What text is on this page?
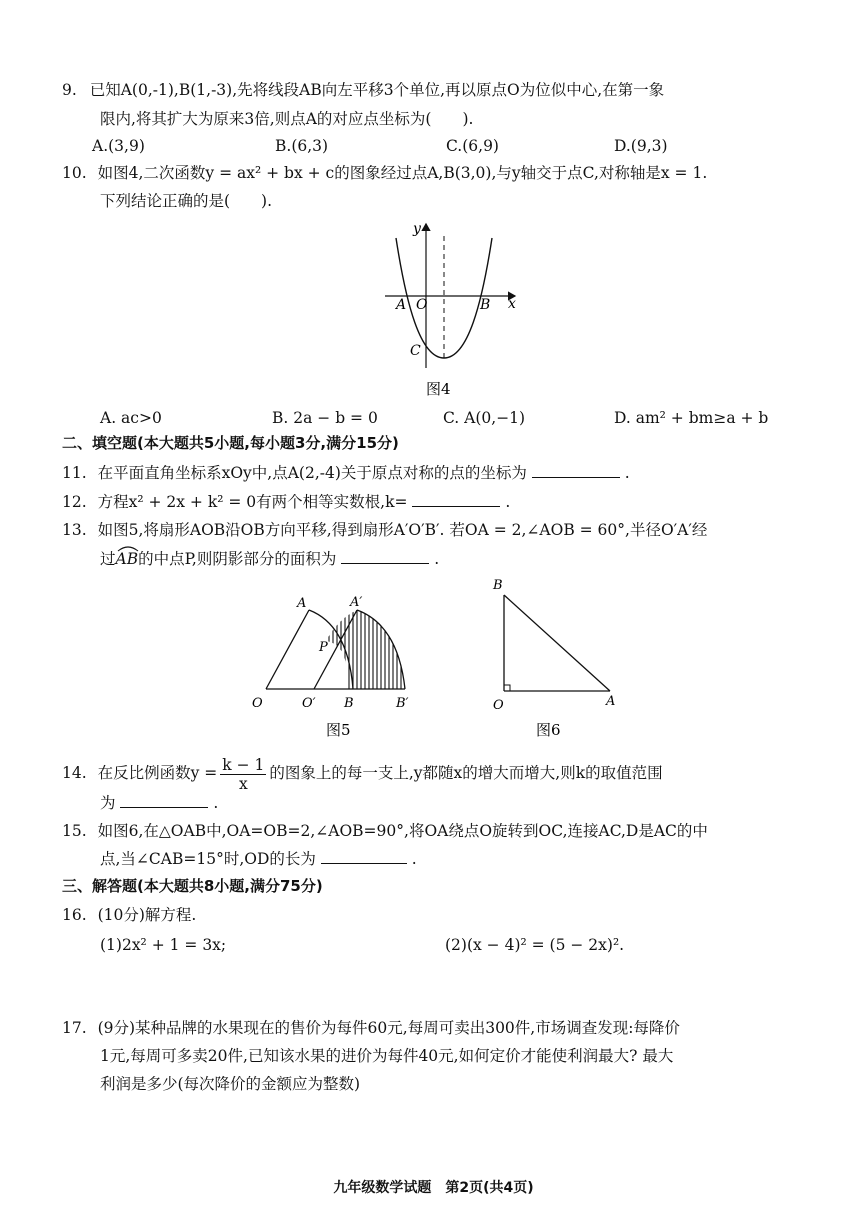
9. 已知A(0,-1),B(1,-3),先将线段AB向左平移3个单位,再以原点O为位似中心,在第一象
限内,将其扩大为原来3倍,则点A的对应点坐标为(　　).
A.(3,9)	B.(6,3)	C.(6,9)	D.(9,3)
10. 如图4,二次函数y = ax² + bx + c的图象经过点A,B(3,0),与y轴交于点C,对称轴是x = 1.
下列结论正确的是(　　).
y
x
A O	B
C
图4
A. ac>0	B. 2a − b = 0	C. A(0,−1)	D. am² + bm≥a + b
二、填空题(本大题共5小题,每小题3分,满分15分)
11. 在平面直角坐标系xOy中,点A(2,-4)关于原点对称的点的坐标为	.
12. 方程x² + 2x + k² = 0有两个相等实数根,k=	.
13. 如图5,将扇形AOB沿OB方向平移,得到扇形A′O′B′. 若OA = 2,∠AOB = 60°,半径O′A′经
过
AB的中点P,则阴影部分的面积为	.
A	A′
P
O	O′ B	B′
图5
B
O	A
图6
14. 在反比例函数$y = \frac{k - 1}{x}$ 的图象上的每一支上,y都随x的增大而增大,则k的取值范围
为	.
15. 如图6,在△OAB中,OA=OB=2,∠AOB=90°,将OA绕点O旋转到OC,连接AC,D是AC的中
点,当∠CAB=15°时,OD的长为	.
三、解答题(本大题共8小题,满分75分)
16. (10分)解方程.
(1)2x² + 1 = 3x;	(2)(x − 4)² = (5 − 2x)².
17. (9分)某种品牌的水果现在的售价为每件60元,每周可卖出300件,市场调查发现:每降价
1元,每周可多卖20件,已知该水果的进价为每件40元,如何定价才能使利润最大? 最大
利润是多少(每次降价的金额应为整数)
九年级数学试题　第2页(共4页)
